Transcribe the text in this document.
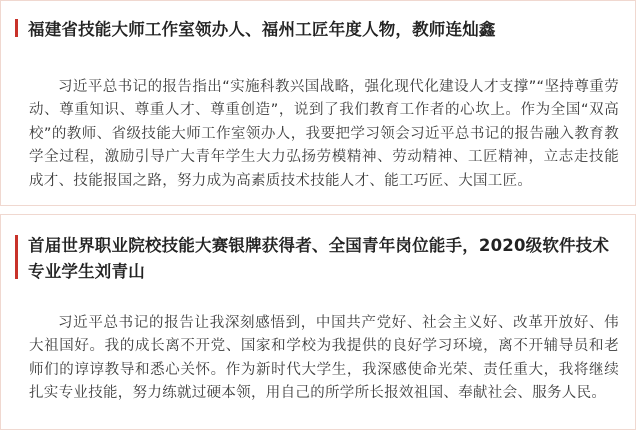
福建省技能大师工作室领办人、福州工匠年度人物，教师连灿鑫

习近平总书记的报告指出“实施科教兴国战略，强化现代化建设人才支撑”“坚持尊重劳动、尊重知识、尊重人才、尊重创造”，说到了我们教育工作者的心坎上。作为全国“双高校”的教师、省级技能大师工作室领办人，我要把学习领会习近平总书记的报告融入教育教学全过程，激励引导广大青年学生大力弘扬劳模精神、劳动精神、工匠精神，立志走技能成才、技能报国之路，努力成为高素质技术技能人才、能工巧匠、大国工匠。

首届世界职业院校技能大赛银牌获得者、全国青年岗位能手，2020级软件技术专业学生刘青山

习近平总书记的报告让我深刻感悟到，中国共产党好、社会主义好、改革开放好、伟大祖国好。我的成长离不开党、国家和学校为我提供的良好学习环境，离不开辅导员和老师们的谆谆教导和悉心关怀。作为新时代大学生，我深感使命光荣、责任重大，我将继续扎实专业技能，努力练就过硬本领，用自己的所学所长报效祖国、奉献社会、服务人民。
